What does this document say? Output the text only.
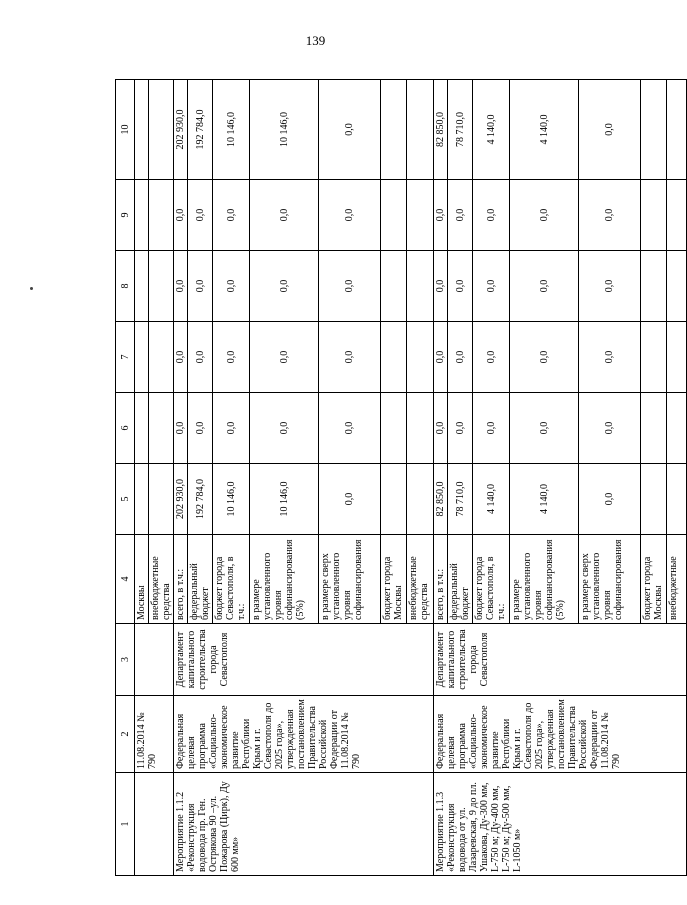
139
1	2	3	4	5	6	7	8	9	10
	11.08.2014 № 790		Москвы						
			внебюджетные средства						
Мероприятие 1.1.2 «Реконструкция водовода пр. Ген. Острякова 90 –ул. Пожарова (Цирк), Ду 600 мм»	Федеральная целевая программа «Социально-экономическое развитие Республики Крым и г. Севастополя до 2025 года», утвержденная постановлением Правительства Российской Федерации от 11.08.2014 № 790	Департамент капитального строительства города Севастополя	всего, в т.ч.:	202 930,0	0,0	0,0	0,0	0,0	202 930,0
			федеральный бюджет	192 784,0	0,0	0,0	0,0	0,0	192 784,0
			бюджет города Севастополя, в т.ч.:	10 146,0	0,0	0,0	0,0	0,0	10 146,0
			в размере установленного уровня софинансирования (5%)	10 146,0	0,0	0,0	0,0	0,0	10 146,0
			в размере сверх установленного уровня софинансирования	0,0	0,0	0,0	0,0	0,0	0,0
			бюджет города Москвы						
			внебюджетные средства						
Мероприятие 1.1.3 «Реконструкция водовода от ул. Лазаревская, 9 до пл. Ушакова, Ду-300 мм, L-750 м; Ду-400 мм, L-750 м; Ду-500 мм, L-1050 м»	Федеральная целевая программа «Социально-экономическое развитие Республики Крым и г. Севастополя до 2025 года», утвержденная постановлением Правительства Российской Федерации от 11.08.2014 № 790	Департамент капитального строительства города Севастополя	всего, в т.ч.:	82 850,0	0,0	0,0	0,0	0,0	82 850,0
			федеральный бюджет	78 710,0	0,0	0,0	0,0	0,0	78 710,0
			бюджет города Севастополя, в т.ч.:	4 140,0	0,0	0,0	0,0	0,0	4 140,0
			в размере установленного уровня софинансирования (5%)	4 140,0	0,0	0,0	0,0	0,0	4 140,0
			в размере сверх установленного уровня софинансирования	0,0	0,0	0,0	0,0	0,0	0,0
			бюджет города Москвы						
			внебюджетные						
